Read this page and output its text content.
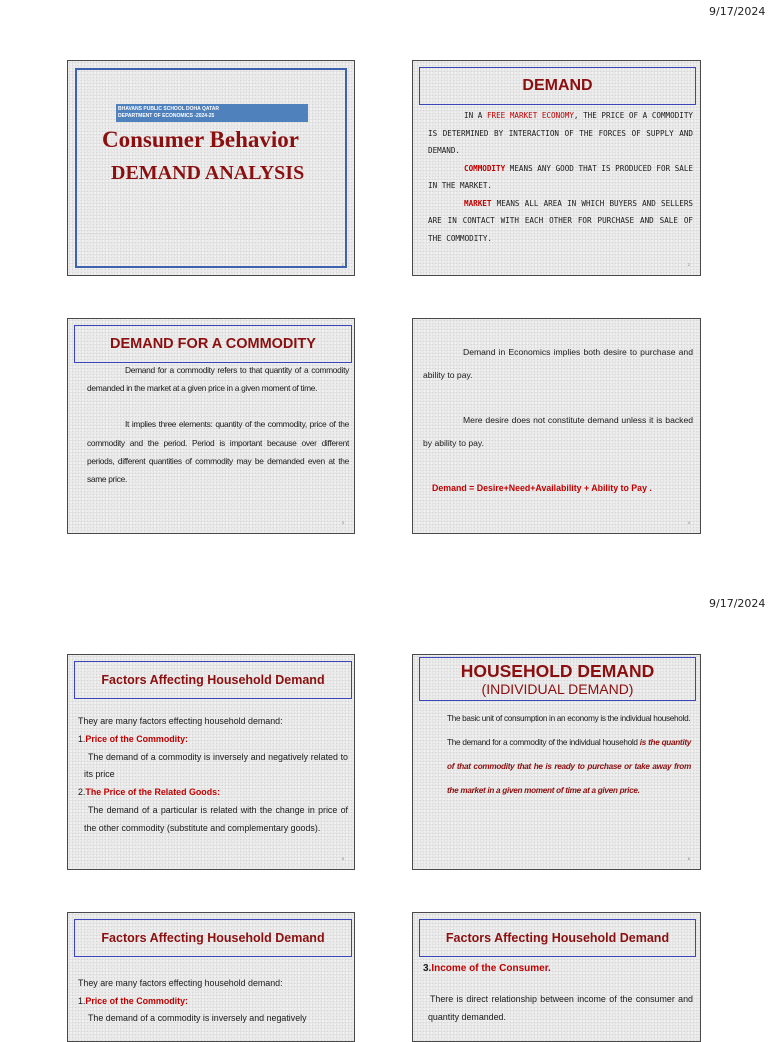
9/17/2024
BHAVANS PUBLIC SCHOOL DOHA QATAR
DEPARTMENT OF ECONOMICS -2024-25
Consumer Behavior
DEMAND ANALYSIS
1
DEMAND

IN A FREE MARKET ECONOMY, THE PRICE OF A COMMODITY IS DETERMINED BY INTERACTION OF THE FORCES OF SUPPLY AND DEMAND.

COMMODITY MEANS ANY GOOD THAT IS PRODUCED FOR SALE IN THE MARKET.

MARKET MEANS ALL AREA IN WHICH BUYERS AND SELLERS ARE IN CONTACT WITH EACH OTHER FOR PURCHASE AND SALE OF THE COMMODITY.

2
DEMAND FOR A COMMODITY

Demand for a commodity refers to that quantity of a commodity demanded in the market at a given price in a given moment of time.

It implies three elements: quantity of the commodity, price of the commodity and the period. Period is important because over different periods, different quantities of commodity may be demanded even at the same price.

3

Demand in Economics implies both desire to purchase and ability to pay.

Mere desire does not constitute demand unless it is backed by ability to pay.

Demand = Desire+Need+Availability + Ability to Pay .
4
9/17/2024
Factors Affecting Household Demand

They are many factors effecting household demand:

1.Price of the Commodity:

The demand of a commodity is inversely and negatively related to its price

2.The Price of the Related Goods:

The demand of a particular is related with the change in price of the other commodity (substitute and complementary goods).

5
HOUSEHOLD DEMAND
(INDIVIDUAL DEMAND)

The basic unit of consumption in an economy is the individual household.

The demand for a commodity of the individual household is the quantity of that commodity that he is ready to purchase or take away from the market in a given moment of time at a given price.

6
Factors Affecting Household Demand

They are many factors effecting household demand:

1.Price of the Commodity:

The demand of a commodity is inversely and negatively

Factors Affecting Household Demand
3.Income of the Consumer.

There is direct relationship between income of the consumer and quantity demanded.
